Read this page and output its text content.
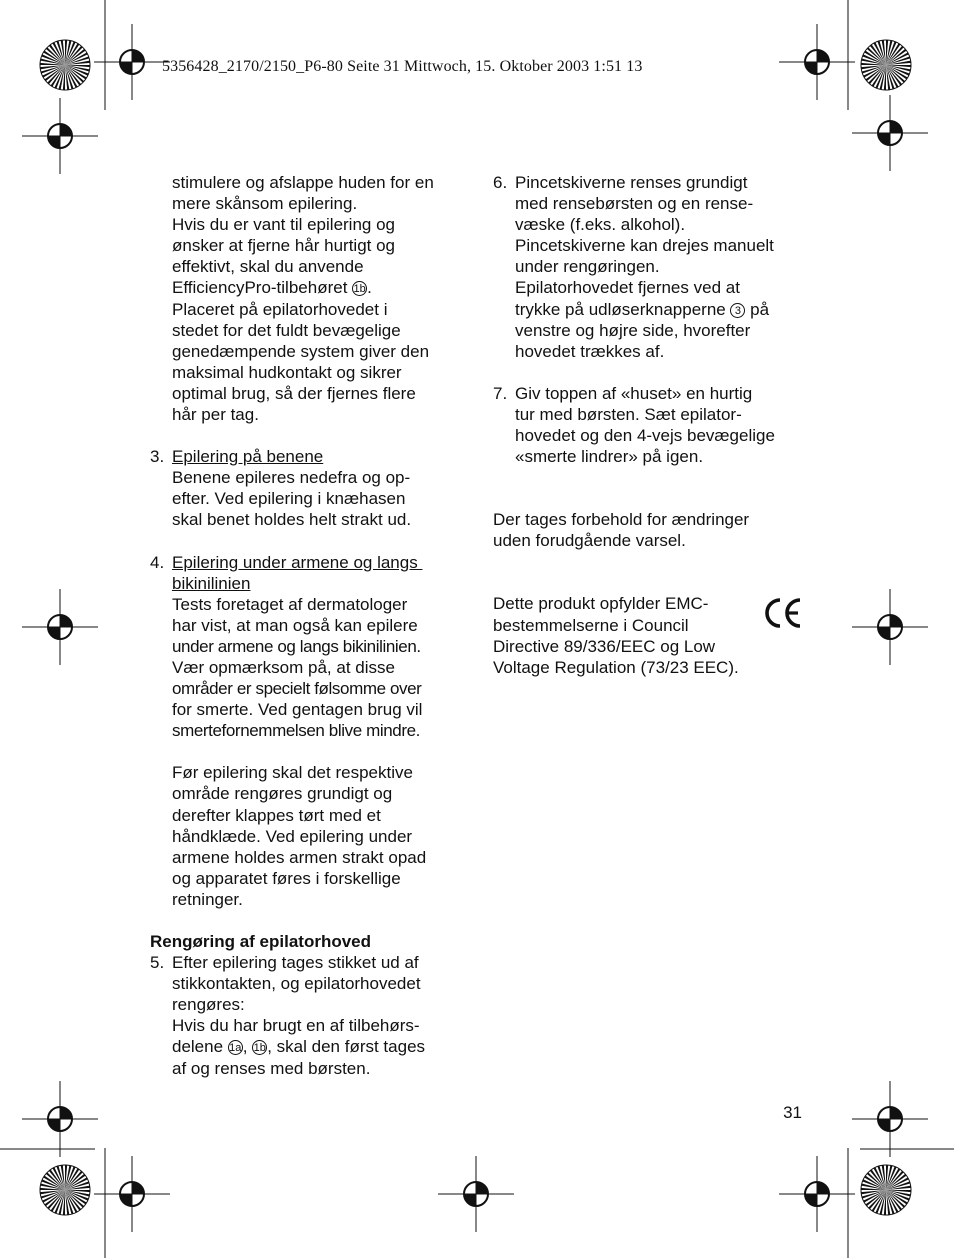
5356428_2170/2150_P6-80 Seite 31 Mittwoch, 15. Oktober 2003 1:51 13

stimulere og afslappe huden for en

mere skånsom epilering.

Hvis du er vant til epilering og

ønsker at fjerne hår hurtigt og

effektivt, skal du anvende

EfficiencyPro-tilbehøret 1b.

Placeret på epilatorhovedet i

stedet for det fuldt bevægelige

genedæmpende system giver den

maksimal hudkontakt og sikrer

optimal brug, så der fjernes flere

hår per tag.

3. Epilering på benene

Benene epileres nedefra og op-

efter. Ved epilering i knæhasen

skal benet holdes helt strakt ud.

4. Epilering under armene og langs

bikinilinien

Tests foretaget af dermatologer

har vist, at man også kan epilere

under armene og langs bikinilinien.

Vær opmærksom på, at disse

områder er specielt følsomme over

for smerte. Ved gentagen brug vil

smertefornemmelsen blive mindre.

Før epilering skal det respektive

område rengøres grundigt og

derefter klappes tørt med et

håndklæde. Ved epilering under

armene holdes armen strakt opad

og apparatet føres i forskellige

retninger.

Rengøring af epilatorhoved

5. Efter epilering tages stikket ud af

stikkontakten, og epilatorhovedet

rengøres:

Hvis du har brugt en af tilbehørs-

delene 1a, 1b, skal den først tages

af og renses med børsten.

6. Pincetskiverne renses grundigt

med rensebørsten og en rense-

væske (f.eks. alkohol).

Pincetskiverne kan drejes manuelt

under rengøringen.

Epilatorhovedet fjernes ved at

trykke på udløserknapperne 3 på

venstre og højre side, hvorefter

hovedet trækkes af.

7. Giv toppen af «huset» en hurtig

tur med børsten. Sæt epilator-

hovedet og den 4-vejs bevægelige

«smerte lindrer» på igen.

Der tages forbehold for ændringer

uden forudgående varsel.

Dette produkt opfylder EMC-

bestemmelserne i Council

Directive 89/336/EEC og Low

Voltage Regulation (73/23 EEC).

31
